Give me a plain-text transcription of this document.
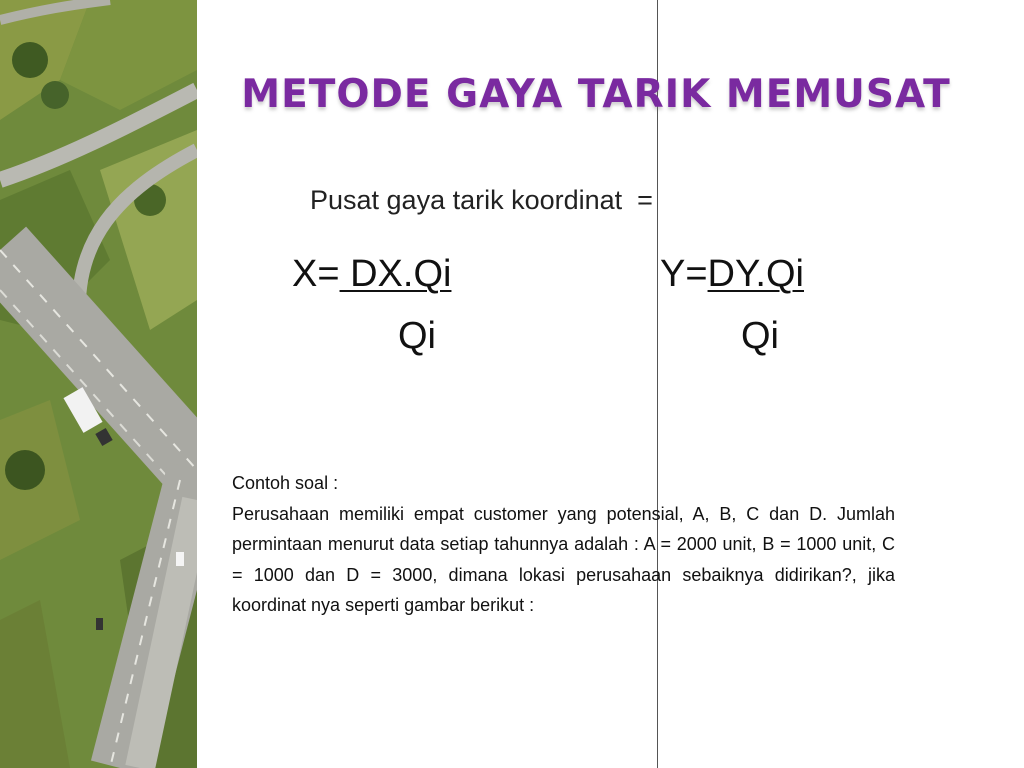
METODE GAYA TARIK MEMUSAT
Pusat gaya tarik koordinat  =
X= DX.Qi
Qi
Y=DY.Qi
Qi

Contoh soal :

Perusahaan memiliki empat customer yang potensial, A, B, C dan D. Jumlah permintaan menurut data setiap tahunnya adalah : A = 2000 unit, B = 1000 unit, C = 1000 dan D = 3000, dimana lokasi perusahaan sebaiknya didirikan?, jika koordinat nya seperti gambar berikut :
